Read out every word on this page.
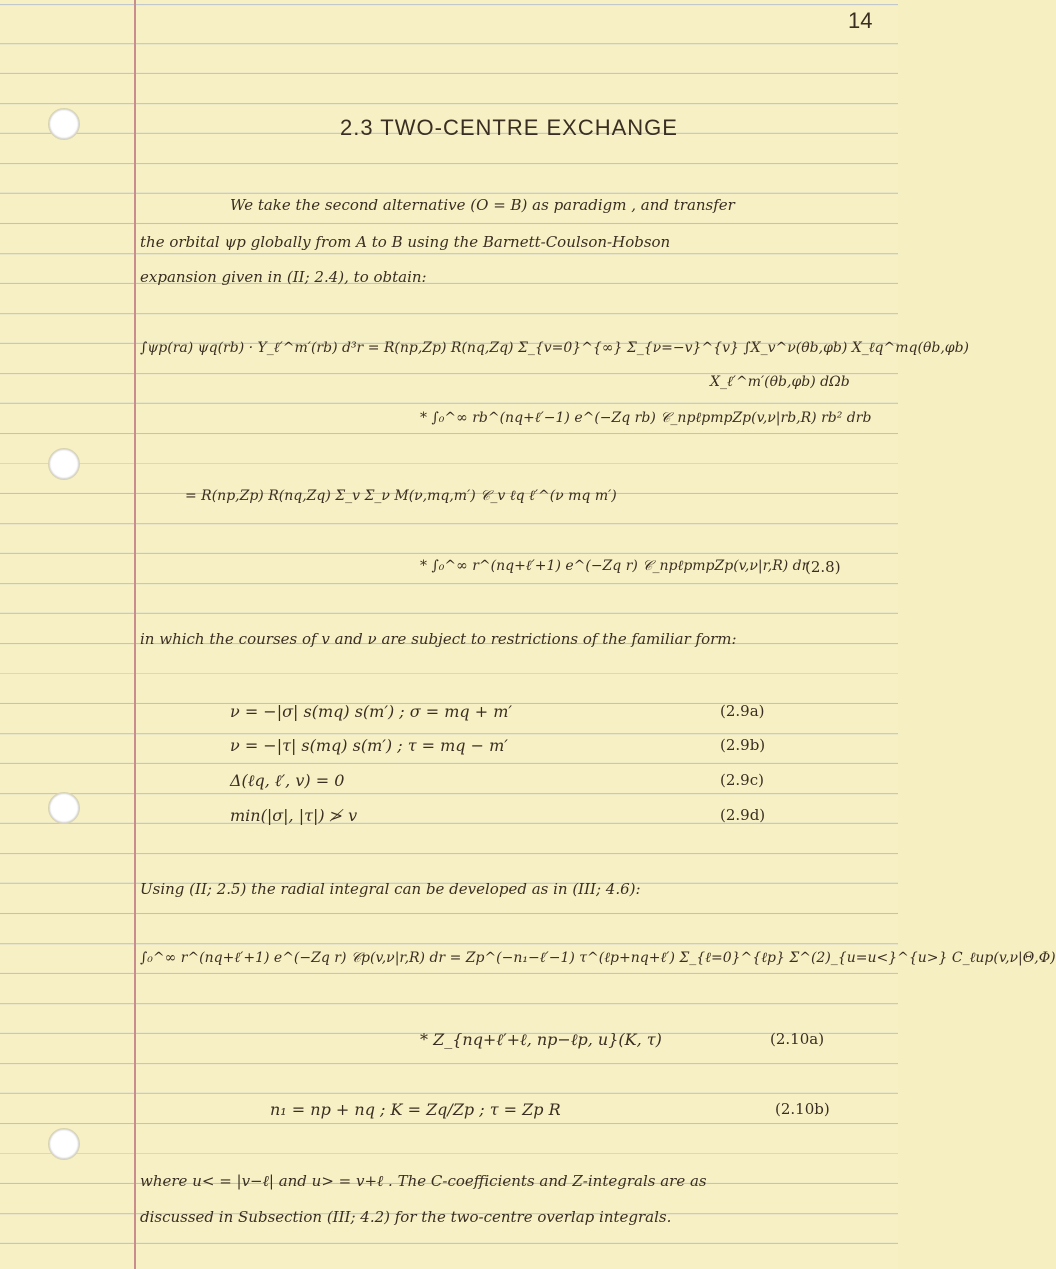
14
2.3 TWO-CENTRE EXCHANGE
We take the second alternative (O = B) as paradigm , and transfer
the orbital ψp globally from A to B using the Barnett-Coulson-Hobson
expansion given in (II; 2.4), to obtain:
∫ψp(ra) ψq(rb) · Y_ℓ′^m′(rb) d³r = R(np,Zp) R(nq,Zq) Σ_{v=0}^{∞} Σ_{ν=−v}^{v} ∫X_v^ν(θb,φb) X_ℓq^mq(θb,φb)
X_ℓ′^m′(θb,φb) dΩb
* ∫₀^∞ rb^(nq+ℓ′−1) e^(−Zq rb) 𝒞_npℓpmpZp(v,ν|rb,R) rb² drb
= R(np,Zp) R(nq,Zq) Σ_v Σ_ν M(ν,mq,m′) 𝒞_v ℓq ℓ′^(ν mq m′)
* ∫₀^∞ r^(nq+ℓ′+1) e^(−Zq r) 𝒞_npℓpmpZp(v,ν|r,R) dr
(2.8)
in which the courses of v and ν are subject to restrictions of the familiar form:
ν = −|σ| s(mq) s(m′) ; σ = mq + m′	(2.9a)
ν = −|τ| s(mq) s(m′) ; τ = mq − m′	(2.9b)
Δ(ℓq, ℓ′, v) = 0	(2.9c)
min(|σ|, |τ|) ≯ v	(2.9d)
Using (II; 2.5) the radial integral can be developed as in (III; 4.6):
∫₀^∞ r^(nq+ℓ′+1) e^(−Zq r) 𝒞p(v,ν|r,R) dr = Zp^(−n₁−ℓ′−1) τ^(ℓp+nq+ℓ′) Σ_{ℓ=0}^{ℓp} Σ^(2)_{u=u<}^{u>} C_ℓup(v,ν|Θ,Φ)
* Z_{nq+ℓ′+ℓ, np−ℓp, u}(K, τ)	(2.10a)
n₁ = np + nq ; K = Zq/Zp ; τ = Zp R	(2.10b)
where u< = |v−ℓ| and u> = v+ℓ . The C-coefficients and Z-integrals are as
discussed in Subsection (III; 4.2) for the two-centre overlap integrals.
